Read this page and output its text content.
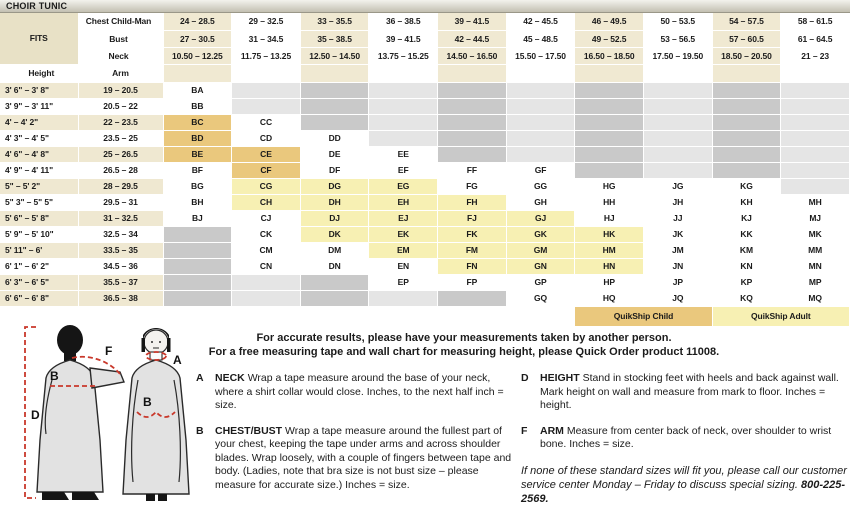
CHOIR TUNIC
FITS	Chest Child-Man	24 – 28.5	29 – 32.5	33 – 35.5	36 – 38.5	39 – 41.5	42 – 45.5	46 – 49.5	50 – 53.5	54 – 57.5	58 – 61.5
	Bust	27 – 30.5	31 – 34.5	35 – 38.5	39 – 41.5	42 – 44.5	45 – 48.5	49 – 52.5	53 – 56.5	57 – 60.5	61 – 64.5
	Neck	10.50 – 12.25	11.75 – 13.25	12.50 – 14.50	13.75 – 15.25	14.50 – 16.50	15.50 – 17.50	16.50 – 18.50	17.50 – 19.50	18.50 – 20.50	21 – 23
Height	Arm										
3' 6" – 3' 8"	19 – 20.5	BA									
3' 9" – 3' 11"	20.5 – 22	BB									
4' – 4' 2"	22 – 23.5	BC	CC								
4' 3" – 4' 5"	23.5 – 25	BD	CD	DD							
4' 6" – 4' 8"	25 – 26.5	BE	CE	DE	EE						
4' 9" – 4' 11"	26.5 – 28	BF	CF	DF	EF	FF	GF				
5" – 5' 2"	28 – 29.5	BG	CG	DG	EG	FG	GG	HG	JG	KG	
5" 3" – 5" 5"	29.5 – 31	BH	CH	DH	EH	FH	GH	HH	JH	KH	MH
5' 6" – 5' 8"	31 – 32.5	BJ	CJ	DJ	EJ	FJ	GJ	HJ	JJ	KJ	MJ
5' 9" – 5' 10"	32.5 – 34		CK	DK	EK	FK	GK	HK	JK	KK	MK
5' 11" – 6'	33.5 – 35		CM	DM	EM	FM	GM	HM	JM	KM	MM
6' 1" – 6' 2"	34.5 – 36		CN	DN	EN	FN	GN	HN	JN	KN	MN
6' 3" – 6' 5"	35.5 – 37				EP	FP	GP	HP	JP	KP	MP
6' 6" – 6' 8"	36.5 – 38						GQ	HQ	JQ	KQ	MQ
								QuikShip Child		QuikShip Adult	
D
B
F
A
B
For accurate results, please have your measurements taken by another person.
For a free measuring tape and wall chart for measuring height, please Quick Order product 11008.
A NECK Wrap a tape measure around the base of your neck, where a shirt collar would close. Inches, to the next half inch = size.
B CHEST/BUST Wrap a tape measure around the fullest part of your chest, keeping the tape under arms and across shoulder blades. Wrap loosely, with a couple of fingers between tape and body. (Ladies, note that bra size is not bust size – please measure for accurate size.) Inches = size.
D HEIGHT Stand in stocking feet with heels and back against wall. Mark height on wall and measure from mark to floor. Inches = height.
F ARM Measure from center back of neck, over shoulder to wrist bone. Inches = size.
If none of these standard sizes will fit you, please call our customer service center Monday – Friday to discuss special sizing. 800-225-2569.
